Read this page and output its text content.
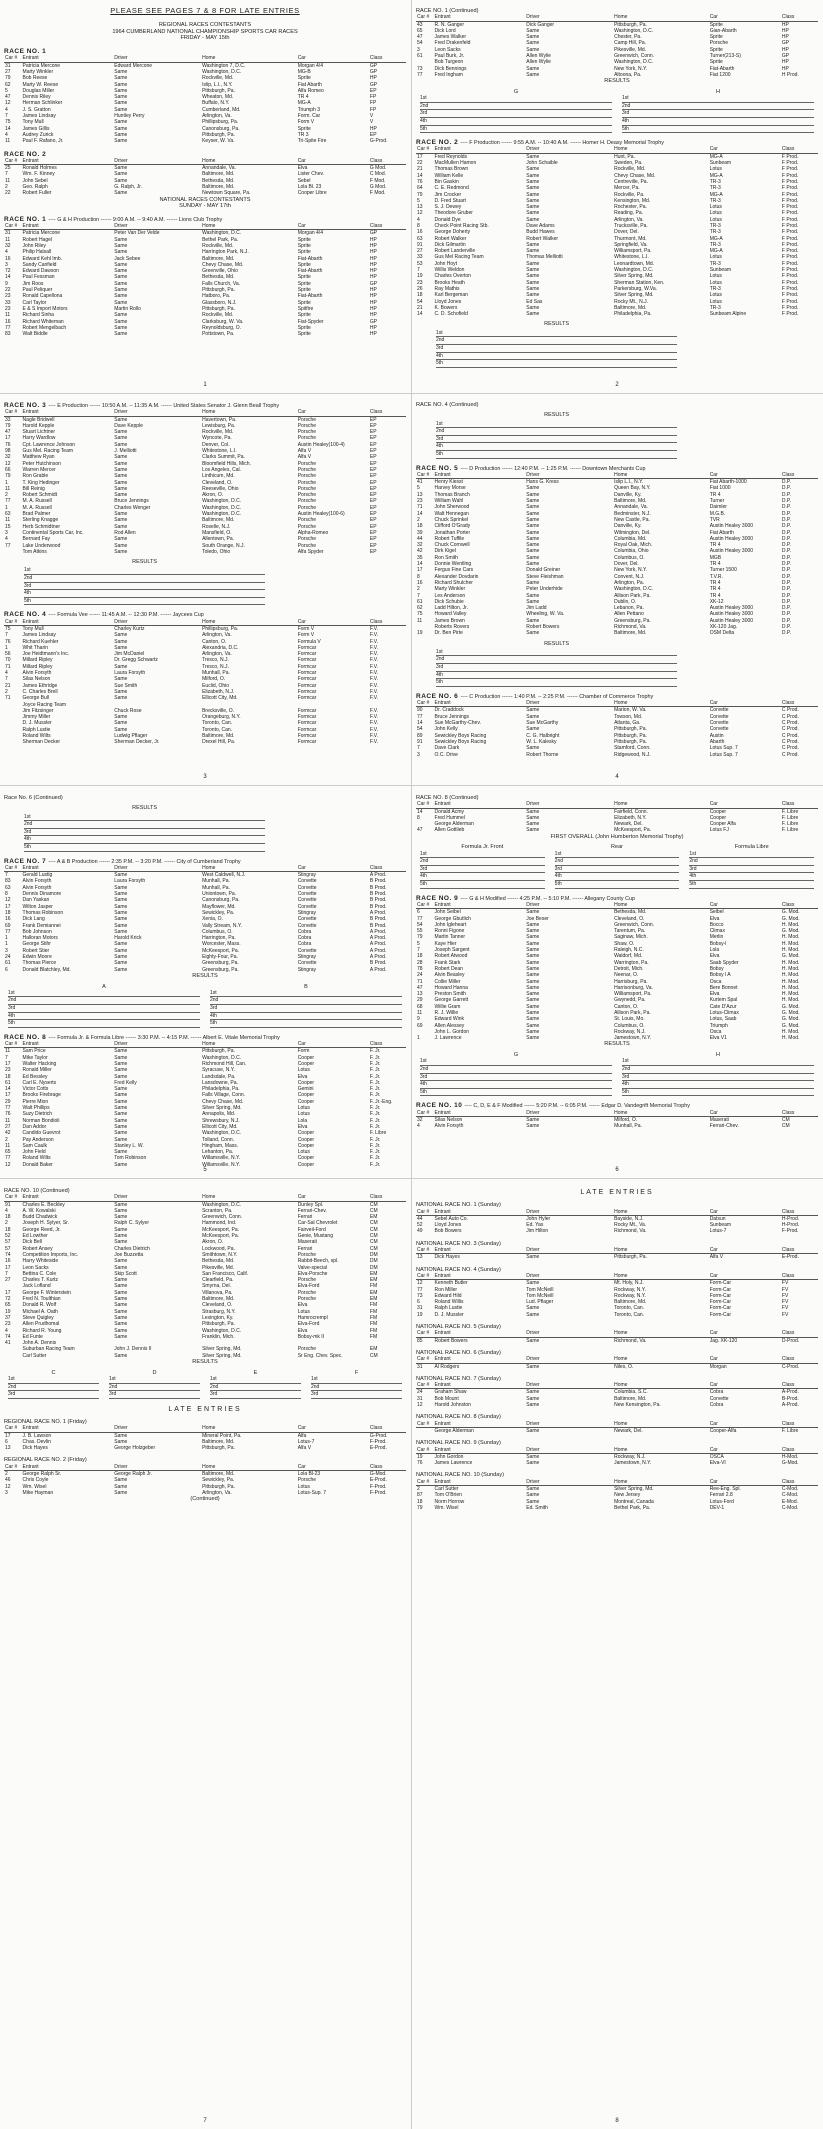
PLEASE SEE PAGES 7 & 8 FOR LATE ENTRIES
REGIONAL RACES CONTESTANTS
1964 CUMBERLAND NATIONAL CHAMPIONSHIP SPORTS CAR RACES
FRIDAY - MAY 15th
RACE NO. 1
Car #	Entrant	Driver	Home	Car	Class
31	Patricia Mercone	Edward Mercone	Washington 7, D.C.	Morgan 4/4	GP
27	Marty Winkler	Same	Washington, D.C.	MG-B	GP
79	Bob Reese	Same	Rockville, Md.	Sprite	HP
62	Marty W. Reese	Same	Islip, L.I., N.Y.	Fiat Abarth	GP
5	Douglas Miller	Same	Pittsburgh, Pa.	Alfa Romeo	EP
47	Dennis Riley	Same	Wheaton, Md.	TR 4	FP
12	Herman Schlinker	Same	Buffalo, N.Y.	MG-A	FP
4	J. S. Gratton	Same	Cumberland, Md.	Triumph 3	FP
7	James Lindsay	Huntley Perry	Arlington, Va.	Form. Car	V
75	Tony Mull	Same	Phillipsburg, Pa.	Form V	V
14	James Gillis	Same	Canonsburg, Pa.	Sprite	HP
4	Audrey Zurick	Same	Pittsburgh, Pa.	TR 3	EP
11	Paul F. Rafano, Jr.	Same	Keyser, W. Va.	Tri-Spite Fire	G-Prod.
RACE NO. 2
Car #	Entrant	Driver	Home	Car	Class
25	Ronald Holmes	Same	Annandale, Va.	Elva	G Mod.
7	Wm. F. Kinney	Same	Baltimore, Md.	Lister Chev.	C Mod.
11	John Sebel	Same	Bethesda, Md.	Sebel	F Mod.
2	Geo. Ralph	G. Ralph, Jr.	Baltimore, Md.	Lola Bl. 23	G Mod.
22	Robert Fuller	Same	Newtown Square, Pa.	Cooper Libre	F Mod.
NATIONAL RACES CONTESTANTS
SUNDAY - MAY 17th
RACE NO. 1 ---- G & H Production ------ 9:00 A.M. -- 9:40 A.M. ------ Lions Club Trophy
Car #	Entrant	Driver	Home	Car	Class
31	Patricia Mercone	Peter Van Der Velde	Washington, D.C.	Morgan 4/4	GP
11	Robert Hagel	Same	Bethel Park, Pa.	Sprite	HP
32	John Riley	Same	Rockville, Md.	Sprite	HP
4	Philip Halsall	Same	Harrington Park, N.J.	Sprite	HP
16	Edward Kehl Imb.	Jack Sebee	Baltimore, Md.	Fiat-Abarth	HP
3	Sandy Canfield	Same	Chevy Chase, Md.	Sprite	HP
72	Edward Dawson	Same	Greenville, Ohio	Fiat-Abarth	HP
14	Paul Fessman	Same	Bethesda, Md.	Sprite	HP
9	Jim Roos	Same	Falls Church, Va.	Sprite	GP
22	Paul Peliquer	Same	Pittsburgh, Pa.	Sprite	HP
23	Ronald Capellona	Same	Hatboro, Pa.	Fiat-Abarth	HP
33	Carl Taylor	Same	Glassboro, N.J.	Sprite	HP
23	E & S Import Motors	Martin Rollo	Pittsburgh, Pa.	Spitfire	HP
11	Richard Sinha	Same	Rockville, Md.	Sprite	HP
16	Richard Whiteman	Same	Clarksburg, W. Va.	Fiat-Spyder	GP
77	Robert Mengelbach	Same	Reynoldsburg, O.	Sprite	HP
83	Walt Biddle	Same	Pottstown, Pa.	Sprite	HP
1
RACE NO. 1 (Continued)
Car #	Entrant	Driver	Home	Car	Class
43	R. N. Ganger	Dick Ganger	Pittsburgh, Pa.	Sprite	HP
65	Dick Lord	Same	Washington, D.C.	Gian-Abarth	HP
47	James Walker	Same	Chester, Pa.	Sprite	HP
54	Fred Drakenfeld	Same	Camp Hill, Pa.	Porsche	GP
3	Leon Sacks	Same	Pikesville, Md.	Sprite	HP
61	Paul Burk, Jr.	Allen Wylie	Greenwich, Conn.	Turner(213-S)	GP
	Bob Turgeon	Allen Wylie	Washington, D.C.	Sprite	HP
73	Dick Bennings	Same	New York, N.Y.	Fiat-Abarth	HP
77	Fred Ingham	Same	Altoona, Pa.	Fiat 1200	H Prod.
RESULTS
G
1st
2nd
3rd
4th
5th
H
1st
2nd
3rd
4th
5th
RACE NO. 2 ---- F Production ------ 9:55 A.M. -- 10:40 A.M. ------ Homer H. Deasy Memorial Trophy
Car #	Entrant	Driver	Home	Car	Class
17	Fred Reynolds	Same	Hunt, Pa.	MG-A	F Prod.
22	MacMullen Hamon	John Schaible	Sweden, Pa.	Sunbeam	F Prod.
21	Thomas Brown	Same	Rockville, Md.	Lotus	F Prod.
14	William Kelle	Same	Chevy Chase, Md.	MG-A	F Prod.
76	Bin Gaskin	Same	Centreville, Pa.	TR-3	F Prod.
64	C. E. Redmond	Same	Mercer, Pa.	TR-3	F Prod.
79	Jim Crocker	Same	Rockville, Pa.	MG-A	F Prod.
5	D. Fred Stuart	Same	Kensington, Md.	TR-3	F Prod.
13	S. J. Dewey	Same	Rochester, Pa.	Lotus	F Prod.
12	Theodore Gruber	Same	Reading, Pa.	Lotus	F Prod.
4	Donald Dye	Same	Arlington, Va.	Lotus	F Prod.
8	Check Point Racing Stb.	Dave Adams	Trucksville, Pa.	TR-3	F Prod.
16	George Doherty	Budd Hawes	Dover, Del.	TR-3	F Prod.
63	Robert Walker	Robert Walker	Thurmont, Md.	MG-A	F Prod.
91	Dick Gilmartin	Same	Springfield, Va.	TR-3	F Prod.
27	Robert Landerville	Same	Williamsport, Pa.	MG-A	F Prod.
33	Gus Mel Racing Team	Thomas Melliotti	Whitestone, L.I.	Lotus	F Prod.
53	John Hoyt	Same	Leonardtown, Md.	TR-3	F Prod.
7	Willis Weldon	Same	Washington, D.C.	Sunbeam	F Prod.
19	Charles Overton	Same	Silver Spring, Md.	Lotus	F Prod.
23	Brooks Heath	Same	Sherman Station, Ken.	Lotus	F Prod.
26	Ray Mathis	Same	Parkersburg, W.Va.	TR-3	F Prod.
18	Karl Bergeman	Same	Silver Spring, Md.	Lotus	F Prod.
54	Lloyd Jones	Ed Sas	Rocky Mt., N.J.	Lotus	F Prod.
21	K. Bowers	Same	Baltimore, Md.	TR-3	F Prod.
14	C. D. Schofield	Same	Philadelphia, Pa.	Sunbeam Alpine	F Prod.
RESULTS
1st
2nd
3rd
4th
5th
2
RACE NO. 3 ---- E Production ------ 10:50 A.M. -- 11:35 A.M. ------ United States Senator J. Glenn Beall Trophy
Car #	Entrant	Driver	Home	Car	Class
33	Nagle Bridwell	Same	Havertown, Pa.	Porsche	EP
79	Harold Kepple	Dave Kepple	Lewisburg, Pa.	Porsche	EP
47	Stuart Lichtner	Same	Rockville, Md.	Porsche	EP
17	Harry Wardlow	Same	Wyncote, Pa.	Porsche	EP
76	Cpt. Lawrence Johnson	Same	Denver, Col.	Austin Healey(100-4)	EP
98	Gus Mel. Racing Team	J. Melliotti	Whitestone, L.I.	Alfa V	EP
32	Matthew Ryan	Same	Clarks Summit, Pa.	Alfa V	EP
12	Peter Hutchinson	Same	Bloomfield Hills, Mich.	Porsche	EP
66	Warren Mercer	Same	Los Angeles, Cal.	Porsche	EP
79	Ron Grable	Same	Linthicum, Md.	Porsche	EP
1	T. King Hedinger	Same	Cleveland, O.	Porsche	EP
11	Bill Reinig	Same	Reeseville, Ohio	Porsche	EP
2	Robert Schmidt	Same	Akron, O.	Porsche	EP
77	M. A. Russell	Bruce Jennings	Washington, D.C.	Porsche	EP
1	M. A. Russell	Charles Wenger	Washington, D.C.	Porsche	EP
63	Brad Palmer	Same	Washington, D.C.	Austin Healey(100-6)	EP
11	Sterling Knagge	Same	Baltimore, Md.	Porsche	EP
15	Herb Schmidtner	Same	Roselle, N.J.	Porsche	EP
3	Continental Sports Car, Inc.	Rod Allen	Mansfield, O.	Alpha-Romeo	EP
4	Bernard Fay	Same	Allentown, Pa.	Porsche	EP
77	Lake Underwood	Same	South Orange, N.J.	Porsche	EP
	Tom Atkins	Same	Toledo, Ohio	Alfa Spyder	EP
RESULTS
1st
2nd
3rd
4th
5th
RACE NO. 4 ---- Formula Vee ------ 11:45 A.M. -- 12:30 P.M. ------ Jaycees Cup
Car #	Entrant	Driver	Home	Car	Class
75	Tony Mull	Charley Kurtz	Phillipsburg, Pa.	Form V	F.V.
7	James Lindsay	Same	Arlington, Va.	Form V	F.V.
76	Richard Kuehler	Same	Canton, O.	Formula V	F.V.
1	Whit Tharin	Same	Alexandria, D.C.	Formcar	F.V.
56	Joe Heidtmann's Inc.	Jim McDaniel	Arlington, Va.	Formcar	F.V.
70	Millard Ripley	Dr. Gregg Schwartz	Tresco, N.J.	Formcar	F.V.
71	Millard Ripley	Same	Tresco, N.J.	Formcar	F.V.
4	Alvin Forsyth	Laura Forsyth	Munhall, Pa.	Formcar	F.V.
7	Silas Nelson	Same	Milford, O.	Formcar	F.V.
21	James Ethridge	Sue Smith	Euclid, Ohio	Formcar	F.V.
2	C. Charles Brell	Same	Elizabeth, N.J.	Formcar	F.V.
71	George Bull	Same	Ellicott City, Md.	Formcar	F.V.
	Joyce Racing Team				
	Jim Fitzsinger	Chuck Rose	Brecksville, O.	Formcar	F.V.
	Jimmy Miller	Same	Orangeburg, N.Y.	Formcar	F.V.
	D. J. Mussler	Same	Toronto, Can.	Formcar	F.V.
	Ralph Lustie	Same	Toronto, Can.	Formcar	F.V.
	Roland Wilts	Ludwig Pflager	Baltimore, Md.	Formcar	F.V.
	Sherman Decker	Sherman Decker, Jr.	Drexel Hill, Pa.	Formcar	F.V.
3
RACE NO. 4 (Continued)
RESULTS
1st
2nd
3rd
4th
5th
RACE NO. 5 ---- D Production ------ 12:40 P.M. -- 1:25 P.M. ------ Downtown Merchants Cup
Car #	Entrant	Driver	Home	Car	Class
41	Henry Kiesst	Hans G. Kress	Islip L.I., N.Y.	Fiat Abarth-1000	D.P.
5	Harvey Morse	Same	Queen Bay, N.Y.	Fiat 1000	D.P.
13	Thomas Branch	Same	Danville, Ky.	TR 4	D.P.
23	William Wahl	Same	Baltimore, Md.	Turner	D.P.
71	John Sherwood	Same	Annandale, Va.	Daimler	D.P.
14	Walt Hennegan	Same	Bedminster, N.J.	M.G.B.	D.P.
2	Chuck Sprinkel	Same	New Castle, Pa.	TVR	D.P.
18	Clifford O'Grady	Same	Danville, Ky.	Austin Healey 3000	D.P.
39	Jonathan Porter	Same	Wilmington, Del.	Fiat Abarth	D.P.
44	Robert Tuffile	Same	Columbia, Md.	Austin Healey 3000	D.P.
32	Chuck Cornwell	Same	Royal Oak, Mich.	TR 4	D.P.
42	Dirk Kigel	Same	Columbia, Ohio	Austin Healey 3000	D.P.
35	Ron Smith	Same	Columbus, O.	MGB	D.P.
14	Donnie Wentling	Same	Dover, Del.	TR 4	D.P.
17	Fergus Fine Cars	Donald Greiner	New York, N.Y.	Turner 1500	D.P.
8	Alexander Dovdarin	Steve Fleishman	Convent, N.J.	T.V.R.	D.P.
16	Richard Shulcher	Same	Arlington, Pa.	TR 4	D.P.
2	Marty Winkler	Peter Underhide	Washington, D.C.	TR 4	D.P.
7	Les Anderson	Same	Allison Park, Pa.	TR 4	D.P.
61	Dick Schubie	Same	Dublin, O.	XK-12	D.P.
62	Ladd Hilton, Jr.	Jim Ladd	Lebanon, Pa.	Austin Healey 3000	D.P.
75	Howard Valley	Wheeling, W. Va.	Allen Pettano	Austin Healey 3000	D.P.
11	James Brown	Same	Greensburg, Pa.	Austin Healey 3000	D.P.
	Roberts Rovers	Robert Bowers	Richmond, Va.	XK-120 Jag.	D.P.
19	Dr. Ben Pirte	Same	Baltimore, Md.	OSM Delta	D.P.
RESULTS
1st
2nd
3rd
4th
5th
RACE NO. 6 ---- C Production ------ 1:40 P.M. -- 2:25 P.M. ------ Chamber of Commerce Trophy
Car #	Entrant	Driver	Home	Car	Class
90	Dr. Craddock	Same	Marion, W. Va.	Corvette	C Prod.
77	Bruce Jennings	Same	Towson, Md.	Corvette	C Prod.
14	Sue McGarthy-Chev.	Sue McGarthy	Atlanta, Ga.	Corvette	C Prod.
54	John Kelly	Same	Pittsburgh, Pa.	Corvette	C Prod.
89	Sewickley Boys Racing	C. G. Halbright	Pittsburgh, Pa.	Austin	C Prod.
91	Sewickley Boys Racing	W. L. Kalesky	Pittsburgh, Pa.	Abarth	C Prod.
7	Dave Clark	Same	Stamford, Conn.	Lotus Sup. 7	C Prod.
3	O.C. Drive	Robert Thorne	Ridgewood, N.J.	Lotus Sup. 7	C Prod.
4
Race No. 6 (Continued)
RESULTS
1st
2nd
3rd
4th
5th
RACE NO. 7 ---- A & B Production ------ 2:35 P.M. -- 3:20 P.M. ------ City of Cumberland Trophy
Car #	Entrant	Driver	Home	Car	Class
7	Gerald Lustig	Same	West Caldwell, N.J.	Stingray	A Prod.
83	Alvin Forsyth	Laura Forsyth	Munhall, Pa.	Corvette	B Prod.
63	Alvin Forsyth	Same	Munhall, Pa.	Corvette	B Prod.
8	Dennis Dinamore	Same	Uniontown, Pa.	Corvette	B Prod.
12	Dan Yaskan	Same	Canonsburg, Pa.	Corvette	B Prod.
17	Wilton Jasper	Same	Mayflower, Md.	Corvette	B Prod.
18	Thomas Robinson	Same	Sewickley, Pa.	Stingray	A Prod.
16	Dick Lang	Same	Xenia, O.	Corvette	B Prod.
69	Frank Demiannei	Same	Vally Stream, N.Y.	Corvette	B Prod.
77	Bob Johnson	Same	Columbus, O.	Cobra	A Prod.
1	Halloran Motors	Harold Krick	Harrington, Pa.	Cobra	A Prod.
1	George Stihr	Same	Worcester, Mass.	Cobra	A Prod.
3	Robert Stier	Same	McKeesport, Pa.	Corvette	A Prod.
24	Edwin Moore	Same	Eighty-Four, Pa.	Stingray	A Prod.
61	Thomas Pierce	Same	Greensburg, Pa.	Corvette	B Prod.
6	Donald Blatchley, Md.	Same	Greensburg, Pa.	Stingray	A Prod.
RESULTS
A
1st
2nd
3rd
4th
5th
B
1st
2nd
3rd
4th
5th
RACE NO. 8 ---- Formula Jr. & Formula Libre ------ 3:30 P.M. -- 4:15 P.M. ------ Albert E. Vitale Memorial Trophy
Car #	Entrant	Driver	Home	Car	Class
11	Sam Price	Same	Pittsburgh, Pa.	Form	F. Jr.
7	Mike Taylor	Same	Washington, D.C.	Cooper	F. Jr.
17	Walter Hacking	Same	Richmond Hill, Can.	Cooper	F. Jr.
23	Ronald Miller	Same	Syracuse, N.Y.	Lotus	F. Jr.
18	Ed Bessley	Same	Landsdale, Pa.	Elva	F. Jr.
61	Carl E. Nyserts	Fred Kelly	Lansdowne, Pa.	Cooper	F. Jr.
14	Victor Cotts	Same	Philadelphia, Pa.	Gemini	F. Jr.
17	Brooks Firebrage	Same	Falls Village, Conn.	Cooper	F. Jr.
29	Pierre Mion	Same	Chevy Chase, Md.	Cooper	F. Jr.-Eng.
77	Walt Phillips	Same	Silver Spring, Md.	Lotus	F. Jr.
76	Suzy Dietrich	Same	Annapolis, Md.	Lotus	F. Jr.
11	Norman Bondioli	Same	Shrewsbury, N.J.	Lola	F. Jr.
27	Dan Addor	Same	Ellicott City, Md.	Elva	F. Jr.
42	Candido Guevrot	Same	Washington, D.C.	Cooper	F. Libre
2	Pay Anderson	Same	Tolland, Conn.	Cooper	F. Jr.
11	Sam Caulk	Stanley L. W.	Hingham, Mass.	Cooper	F. Jr.
65	John Field	Same	Lehanton, Pa.	Lotus	F. Jr.
77	Roland Wilts	Tom Robinson	Willamsville, N.Y.	Cooper	F. Jr.
12	Donald Baker	Same	Willamsville, N.Y.	Cooper	F. Jr.
5
RACE NO. 8 (Continued)
Car #	Entrant	Driver	Home	Car	Class
14	Donald Acmy	Same	Fairfield, Conn.	Cooper	F. Libre
8	Fred Hummel	Same	Elizabeth, N.Y.	Cooper	F. Libre
	George Alderman	Same	Newark, Del.	Cooper Alfa	F. Libre
47	Allen Gottlieb	Same	McKeesport, Pa.	Lotus FJ	F. Libre
FIRST OVERALL (John Humberton Memorial Trophy)
Formula Jr. Front
1st
2nd
3rd
4th
5th
Rear
1st
2nd
3rd
4th
5th
Formula Libre
1st
2nd
3rd
4th
5th
RACE NO. 9 ---- G & H Modified ------ 4:25 P.M. -- 5:10 P.M. ------ Allegany County Cup
Car #	Entrant	Driver	Home	Car	Class
6	John Seibel	Same	Bethesda, Md.	Seibel	G. Mod.
77	George Gbutlich	Joe Beser	Cleveland, O.	Elva	G. Mod.
54	John Igleheart	Same	Greenwich, Conn.	Bocco	H. Mod.
55	Ronni Figone	Same	Tarentum, Pa.	Climax	G. Mod.
79	Martin Tanner	Same	Saginaw, Mich.	Merlin	H. Mod.
5	Kaye Hier	Same	Shaw, O.	Bobsy-l	H. Mod.
7	Joseph Sargent	Same	Raleigh, N.C.	Lola	H. Mod.
18	Robert Atwood	Same	Waldorf, Md.	Elva	G. Mod.
28	Frank Stark	Same	Warrington, Pa.	Saab Spyder	H. Mod.
78	Robert Dean	Same	Detroit, Mich.	Bobsy	H. Mod.
24	Alvin Beasley	Same	Neenar, O.	Bobsy l A	H. Mod.
71	Collie Miller	Same	Harrisburg, Pa.	Osca	H. Mod.
47	Howard Hanna	Same	Harrisonburg, Va.	Bere Bonnet	H. Mod.
13	Preston Smith	Same	Williamsport, Pa.	Elva	H. Mod.
29	George Garrett	Same	Gwynedd, Pa.	Kurtem Spal	H. Mod.
68	Willie Gram	Same	Canton, O.	Cate D'Azur	G. Mod.
11	R. J. Willie	Same	Allison Park, Pa.	Lotus-Climax	G. Mod.
9	Edward Wink	Same	St. Louis, Mo.	Lotus, Saab	G. Mod.
69	Allen Alessey	Same	Columbus, O.	Triumph	G. Mod.
	John L. Gordon	Same	Rockway, N.J.	Osca	H. Mod.
1	J. Lawrence	Same	Jamestown, N.Y.	Elva V1	H. Mod.
RESULTS
G
1st
2nd
3rd
4th
5th
H
1st
2nd
3rd
4th
5th
RACE NO. 10 ---- C, D, E & F Modified ------ 5:20 P.M. -- 6:05 P.M. ------ Edgar D. Vandegrift Memorial Trophy
Car #	Entrant	Driver	Home	Car	Class
32	Silas Nelson	Same	Milford, O.	Maserati	CM
4	Alvin Forsyth	Same	Munhall, Pa.	Ferrari-Chev.	CM
6
RACE NO. 10 (Continued)
Car #	Entrant	Driver	Home	Car	Class
91	Charles E. Beckley	Same	Washington, D.C.	Dunley Spl.	CM
4	A. W. Kowalski	Same	Scranton, Pa.	Ferrari-Chev.	CM
18	Budd Chadwick	Same	Greenwich, Conn.	Ferrari	EM
2	Joseph H. Sylyer, Sr.	Ralph C. Sylyer	Hammond, Ind.	Car-Sal Chevrolet	CM
18	George Reed, Jr.	Same	McKeesport, Pa.	Fairveil-Ford	CM
52	Ed Lowther	Same	McKeesport, Pa.	Genie, Mustang	CM
57	Dick Bell	Same	Akron, O.	Maserati	CM
57	Robert Ansey	Charles Dietrich	Lockwood, Pa.	Ferrari	CM
74	Competition Imports, Inc.	Joe Buzzetta	Smithtown, N.Y.	Porsche	DM
16	Harry Whiteside	Same	Bethesda, Md.	Rabbit-Beech, spl.	DM
17	Leon Sacks	Same	Pikesville, Md.	Valve-special	DM
7	Bettina C. Cole	Skip Scott	San Francisco, Calif.	Elva-Porsche	EM
27	Charles T. Kurtz	Same	Clearfield, Pa.	Porsche	EM
	Jack Lofland	Same	Smyrna, Del.	Elva-Ford	FM
17	George F. Winterstein	Same	Villanova, Pa.	Porsche	EM
72	Fred N. Toulthian	Same	Baltimore, Md.	Porsche	EM
65	Donald R. Wolf	Same	Cleveland, O.	Elva	FM
19	Michael A. Oath	Same	Strasburg, N.Y.	Lotus	FM
37	Steve Quigley	Same	Lexington, Ky.	Hamrocrempl	FM
23	Allen Prudhomal	Same	Pittsburgh, Pa.	Elva-Ford	FM
4	Richard R. Young	Same	Washington, D.C.	Elva	FM
74	Ed Funte	Same	Franklin, Mich.	Bobsy-mk II	FM
41	John A. Dennis				
	Suburban Racing Team	John J. Dennis II	Silver Spring, Md.	Porsche	EM
	Carl Sutter	Same	Silver Spring, Md.	Sr Eng. Chev. Spec.	CM
RESULTS
C
1st
2nd
3rd
D
1st
2nd
3rd
E
1st
2nd
3rd
F
1st
2nd
3rd
LATE ENTRIES
REGIONAL RACE NO. 1 (Friday)
Car #	Entrant	Driver	Home	Car	Class
17	J. B. Lawson	Same	Mineral Point, Pa.	Alfa	G-Prod.
6	Chas. Devlin	Same	Baltimore, Md.	Lotus-7	F-Prod.
13	Dick Hayes	George Holzgeber	Pittsburgh, Pa.	Alfa V	E-Prod.
REGIONAL RACE NO. 2 (Friday)
Car #	Entrant	Driver	Home	Car	Class
2	George Ralph Sr.	George Ralph Jr.	Baltimore, Md.	Lola Bl-23	G-Mod.
46	Chris Coyle	Same	Sewickley, Pa.	Porsche	E-Prod.
12	Wm. Wisel	Same	Pittsburgh, Pa.	Lotus	F-Prod.
3	Mike Hayman	Same	Arlington, Va.	Lotus-Sup. 7	F-Prod.
(Continued)
7
LATE ENTRIES
NATIONAL RACE NO. 1 (Sunday)
Car #	Entrant	Driver	Home	Car	Class
44	Sebel Auto Co.	John Hyler	Bayside, N.J.	Datsun	H-Prod.
52	Lloyd Jones	Ed. Yas	Rocky Mt., Va.	Sunbeam	H-Prod.
49	Bob Bowers	Jim Hilton	Richmond, Va.	Lotus-7	F-Prod.
NATIONAL RACE NO. 3 (Sunday)
Car #	Entrant	Driver	Home	Car	Class
13	Dick Hayes	Same	Pittsburgh, Pa.	Alfa V	E-Prod.
NATIONAL RACE NO. 4 (Sunday)
Car #	Entrant	Driver	Home	Car	Class
12	Kenneth Butler	Same	Mt. Holy, N.J.	Form-Car	FV
77	Ron Miller	Tom McNeill	Rockway, N.Y.	Form-Car	FV
73	Edward Hild	Tom McNeill	Rockway, N.Y.	Form-Car	FV
6	Roland Willis	Lud. Pflager	Baltimore, Md.	Form-Car	FV
31	Ralph Lustie	Same	Toronto, Can.	Form-Car	FV
19	D. J. Mussler	Same	Toronto, Can.	Form-Car	FV
NATIONAL RACE NO. 5 (Sunday)
Car #	Entrant	Driver	Home	Car	Class
85	Robert Bowers	Same	Richmond, Va.	Jag. XK-120	D-Prod.
NATIONAL RACE NO. 6 (Sunday)
Car #	Entrant	Driver	Home	Car	Class
31	Al Rodgers	Same	Niles, O.	Morgan	C-Prod.
NATIONAL RACE NO. 7 (Sunday)
Car #	Entrant	Driver	Home	Car	Class
24	Graham Shaw	Same	Columbia, S.C.	Cobra	A-Prod.
31	Bob Mount	Same	Baltimore, Md.	Corvette	B-Prod.
12	Harold Johnston	Same	New Kensington, Pa.	Cobra	A-Prod.
NATIONAL RACE NO. 8 (Sunday)
Car #	Entrant	Driver	Home	Car	Class
	George Alderman	Same	Newark, Del.	Cooper-Alfa	F. Libre
NATIONAL RACE NO. 9 (Sunday)
Car #	Entrant	Driver	Home	Car	Class
19	John Gordon	Same	Rockway, N.J.	OSCA	H-Mod.
76	James Lawrence	Same	Jamestown, N.Y.	Elva-VI	G-Mod.
NATIONAL RACE NO. 10 (Sunday)
Car #	Entrant	Driver	Home	Car	Class
2	Carl Sutter	Same	Silver Spring, Md.	Ree-Eng. Spl.	C-Mod.
87	Tom O'Brien	Same	New Jersey	Ferrari 2.8	C-Mod.
18	Norm Horrow	Same	Montreal, Canada	Lotus-Ford	E-Mod.
79	Wm. Wisel	Ed. Smith	Bethel Park, Pa.	DEV-1	C-Mod.
8
